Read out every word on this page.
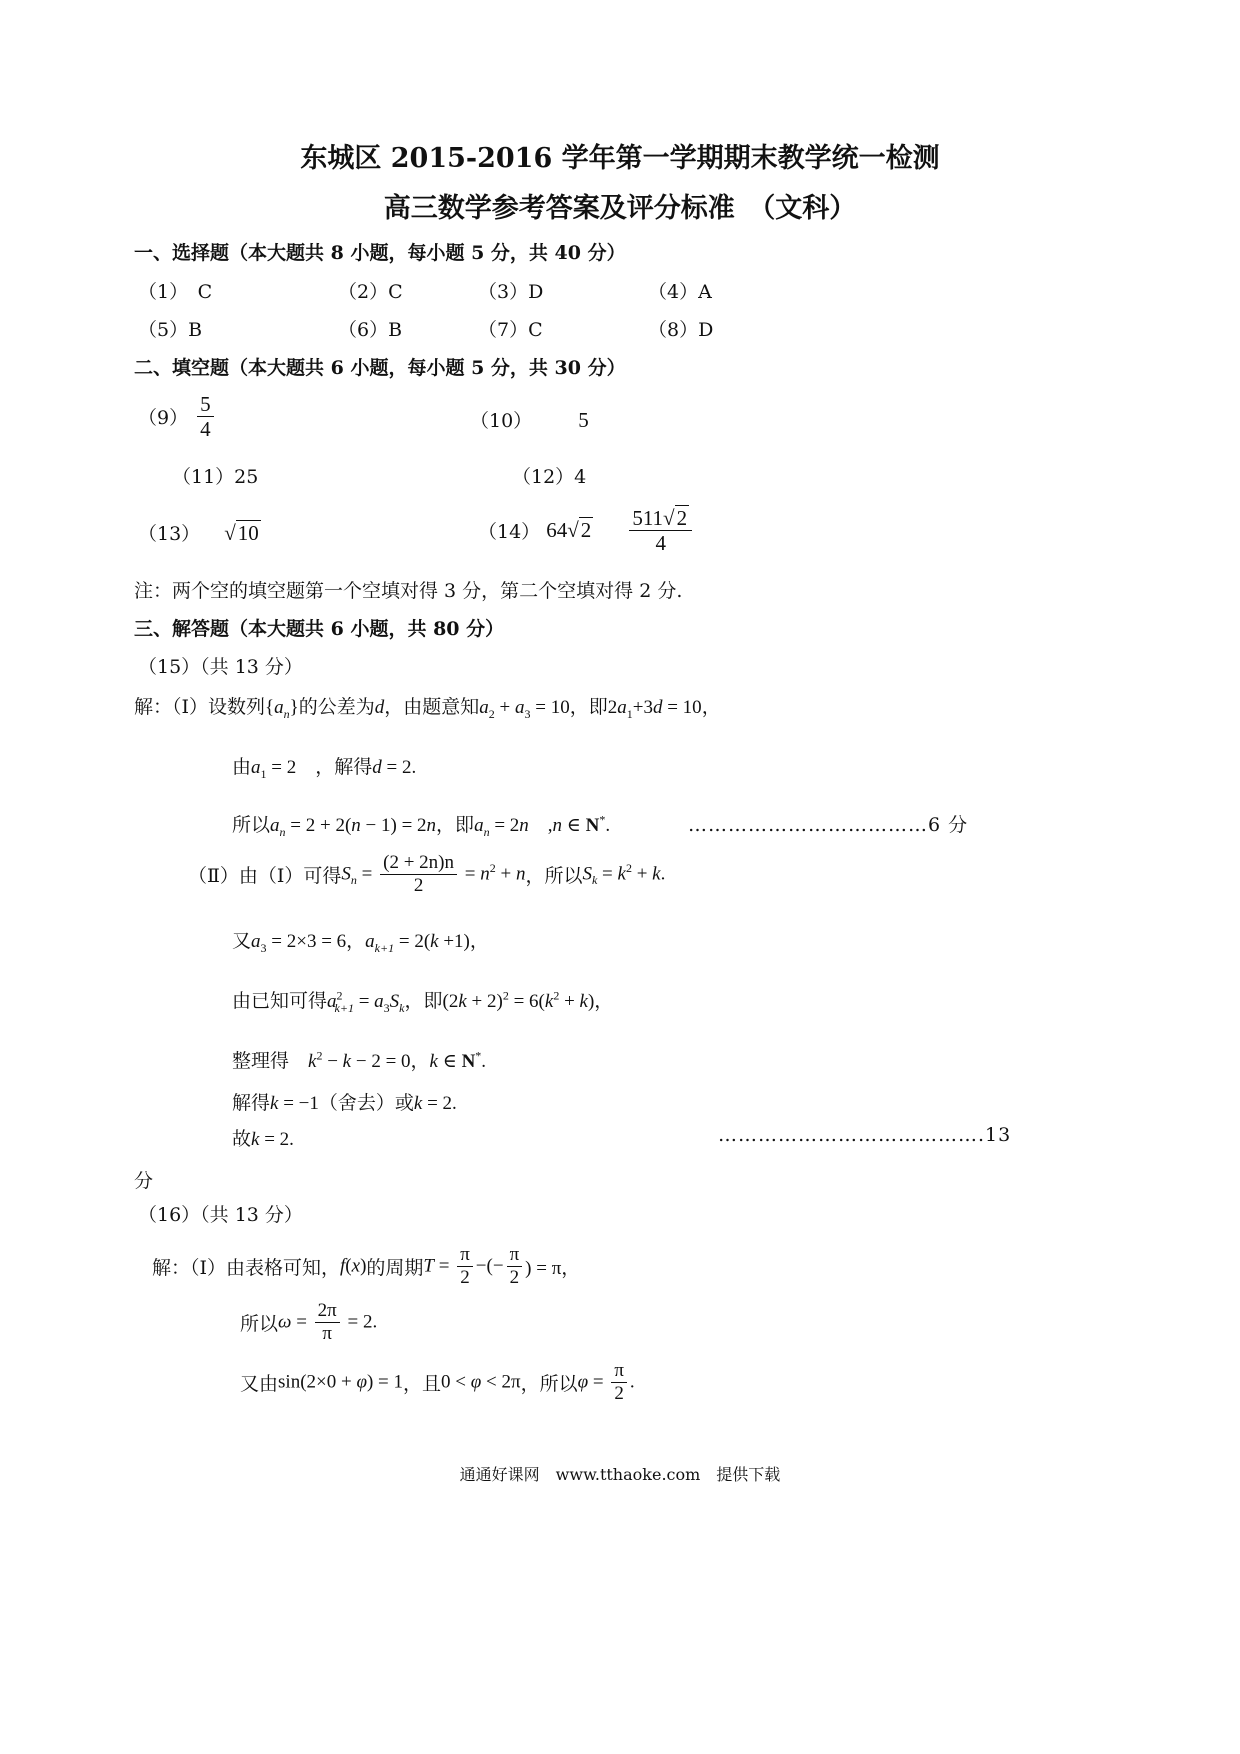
东城区 2015-2016 学年第一学期期末教学统一检测
高三数学参考答案及评分标准　（文科）
一、选择题（本大题共 8 小题，每小题 5 分，共 40 分）
（1）　C	（2）C	（3）D	（4）A
（5）B	（6）B	（7）C	（8）D
二、填空题（本大题共 6 小题，每小题 5 分，共 30 分）
$(9) \frac{5}{4}$	（10） 5
（11）25	（12）4
（13） √10	（14） $64√2 \frac{511√2}{4}$
注：两个空的填空题第一个空填对得 3 分，第二个空填对得 2 分.
三、解答题（本大题共 6 小题，共 80 分）
（15）（共 13 分）
解：（Ⅰ）设数列$\{a_n\}$的公差为d，由题意知$a_2 + a_3 = 10$，即$2a_1+3d = 10$，
由$a_1 = 2$　，解得d = 2.
所以$a_n = 2 + 2(n - 1) = 2n$，即$a_n = 2n$　,n ∈ N*.	………………………………6 分
（Ⅱ）由（Ⅰ）可得$S_n = \frac{(2 + 2n)n}{2} = n^2 + n$，所以$S_k = k^2 + k$.
又$a_3 = 2\times 3 = 6$，$a_{k+1} = 2(k +1)$，
由已知可得$a^2_{k+1} = a_3S_k$，即$(2k + 2)^2 = 6(k^2 + k)$，
整理得　$k^2 - k - 2 = 0$，k ∈ N*.
解得k = −1（舍去）或k = 2.
故k = 2.	………………………………….13
分
（16）（共 13 分）
解：（Ⅰ）由表格可知，f(x)的周期$T = \frac{\pi}{2}$ −(− $\frac{\pi}{2}$ ) = π，
所以$\omega = \frac{2\pi}{\pi} = 2$.
又由sin(2×0 + φ) = 1，且0 < φ < 2π，所以$\varphi = \frac{\pi}{2}$ .
通通好课网　www.tthaoke.com　提供下载
